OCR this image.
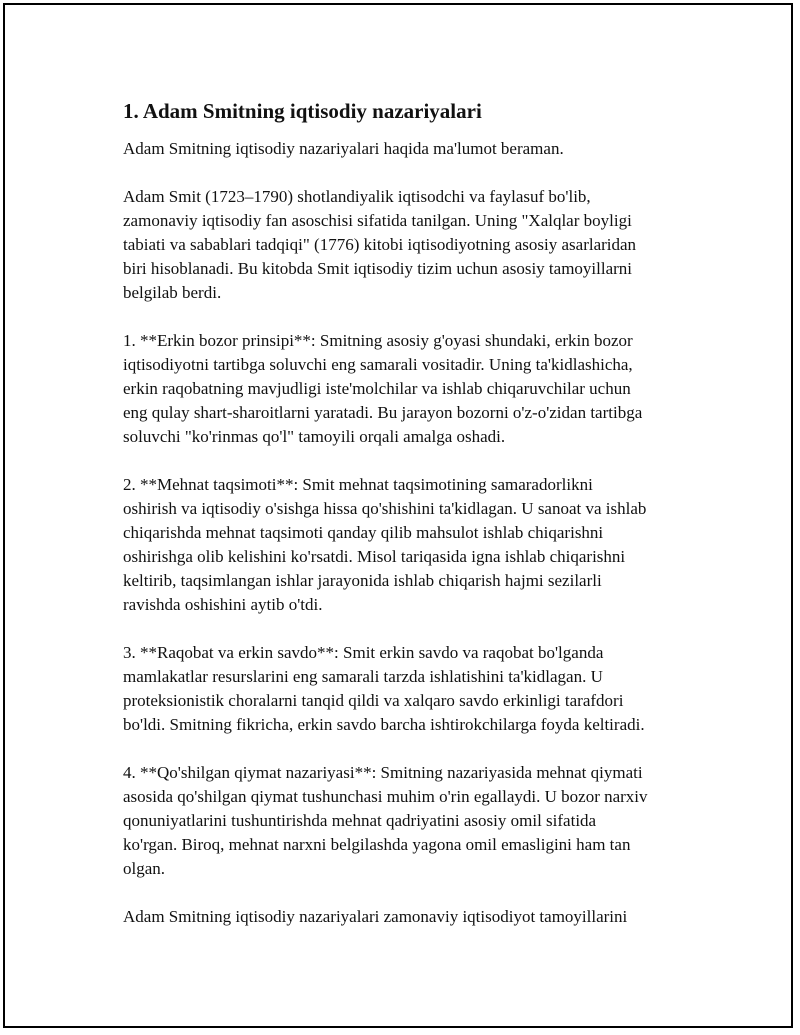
1. Adam Smitning iqtisodiy nazariyalari

Adam Smitning iqtisodiy nazariyalari haqida ma'lumot beraman.

Adam Smit (1723–1790) shotlandiyalik iqtisodchi va faylasuf bo'lib,
zamonaviy iqtisodiy fan asoschisi sifatida tanilgan. Uning "Xalqlar boyligi
tabiati va sabablari tadqiqi" (1776) kitobi iqtisodiyotning asosiy asarlaridan
biri hisoblanadi. Bu kitobda Smit iqtisodiy tizim uchun asosiy tamoyillarni
belgilab berdi.

1. **Erkin bozor prinsipi**: Smitning asosiy g'oyasi shundaki, erkin bozor
iqtisodiyotni tartibga soluvchi eng samarali vositadir. Uning ta'kidlashicha,
erkin raqobatning mavjudligi iste'molchilar va ishlab chiqaruvchilar uchun
eng qulay shart-sharoitlarni yaratadi. Bu jarayon bozorni o'z-o'zidan tartibga
soluvchi "ko'rinmas qo'l" tamoyili orqali amalga oshadi.

2. **Mehnat taqsimoti**: Smit mehnat taqsimotining samaradorlikni
oshirish va iqtisodiy o'sishga hissa qo'shishini ta'kidlagan. U sanoat va ishlab
chiqarishda mehnat taqsimoti qanday qilib mahsulot ishlab chiqarishni
oshirishga olib kelishini ko'rsatdi. Misol tariqasida igna ishlab chiqarishni
keltirib, taqsimlangan ishlar jarayonida ishlab chiqarish hajmi sezilarli
ravishda oshishini aytib o'tdi.

3. **Raqobat va erkin savdo**: Smit erkin savdo va raqobat bo'lganda
mamlakatlar resurslarini eng samarali tarzda ishlatishini ta'kidlagan. U
proteksionistik choralarni tanqid qildi va xalqaro savdo erkinligi tarafdori
bo'ldi. Smitning fikricha, erkin savdo barcha ishtirokchilarga foyda keltiradi.

4. **Qo'shilgan qiymat nazariyasi**: Smitning nazariyasida mehnat qiymati
asosida qo'shilgan qiymat tushunchasi muhim o'rin egallaydi. U bozor narxiv
qonuniyatlarini tushuntirishda mehnat qadriyatini asosiy omil sifatida
ko'rgan. Biroq, mehnat narxni belgilashda yagona omil emasligini ham tan
olgan.

Adam Smitning iqtisodiy nazariyalari zamonaviy iqtisodiyot tamoyillarini
